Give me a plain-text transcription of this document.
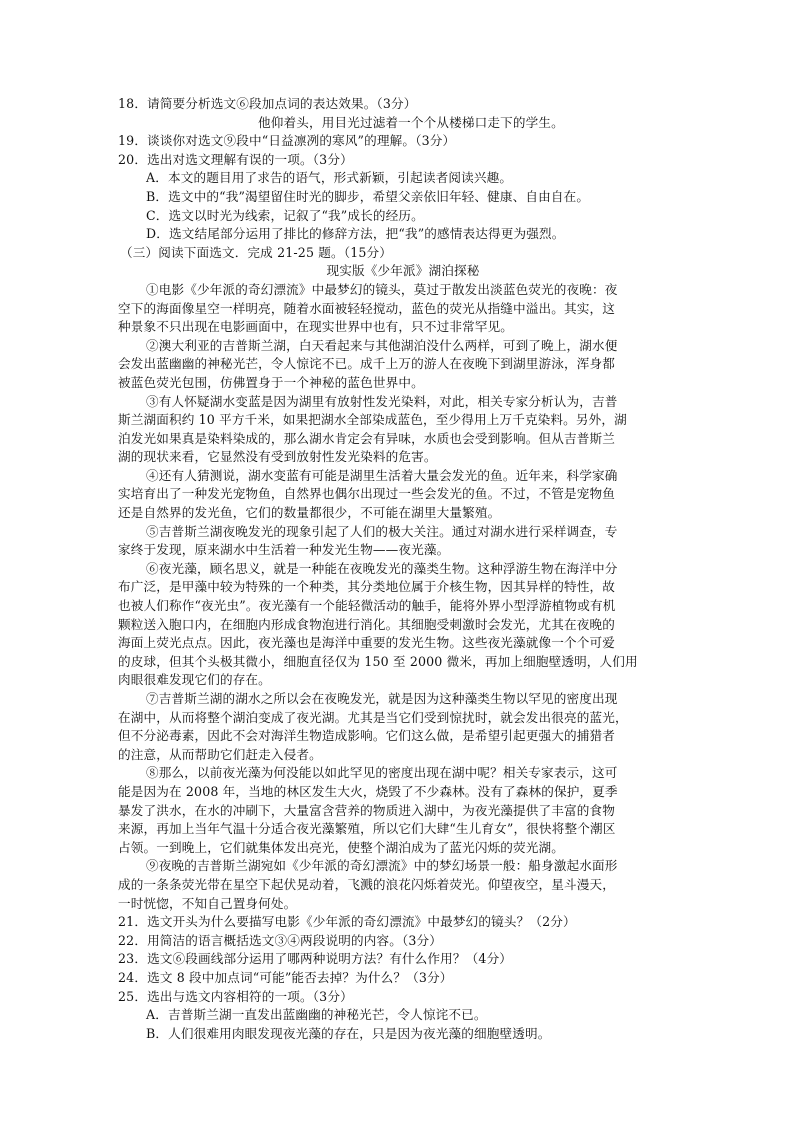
18．请简要分析选文⑥段加点词的表达效果。（3分）
他仰着头，用目光过滤着一个个从楼梯口走下的学生。
19．谈谈你对选文⑨段中“日益凛冽的寒风”的理解。（3分）
20．选出对选文理解有误的一项。（3分）
A．本文的题目用了求告的语气，形式新颖，引起读者阅读兴趣。
B．选文中的“我”渴望留住时光的脚步，希望父亲依旧年轻、健康、自由自在。
C．选文以时光为线索，记叙了“我”成长的经历。
D．选文结尾部分运用了排比的修辞方法，把“我”的感情表达得更为强烈。
（三）阅读下面选文．完成 21-25 题。（15分）
现实版《少年派》湖泊探秘
①电影《少年派的奇幻漂流》中最梦幻的镜头，莫过于散发出淡蓝色荧光的夜晚：夜
空下的海面像星空一样明亮，随着水面被轻轻搅动，蓝色的荧光从指缝中溢出。其实，这
种景象不只出现在电影画面中，在现实世界中也有，只不过非常罕见。
②澳大利亚的吉普斯兰湖，白天看起来与其他湖泊没什么两样，可到了晚上，湖水便
会发出蓝幽幽的神秘光芒，令人惊诧不已。成千上万的游人在夜晚下到湖里游泳，浑身都
被蓝色荧光包围，仿佛置身于一个神秘的蓝色世界中。
③有人怀疑湖水变蓝是因为湖里有放射性发光染料，对此，相关专家分析认为，吉普
斯兰湖面积约 10 平方千米，如果把湖水全部染成蓝色，至少得用上万千克染料。另外，湖
泊发光如果真是染料染成的，那么湖水肯定会有异味，水质也会受到影响。但从吉普斯兰
湖的现状来看，它显然没有受到放射性发光染料的危害。
④还有人猜测说，湖水变蓝有可能是湖里生活着大量会发光的鱼。近年来，科学家确
实培育出了一种发光宠物鱼，自然界也偶尔出现过一些会发光的鱼。不过，不管是宠物鱼
还是自然界的发光鱼，它们的数量都很少，不可能在湖里大量繁殖。
⑤吉普斯兰湖夜晚发光的现象引起了人们的极大关注。通过对湖水进行采样调查，专
家终于发现，原来湖水中生活着一种发光生物——夜光藻。
⑥夜光藻，顾名思义，就是一种能在夜晚发光的藻类生物。这种浮游生物在海洋中分
布广泛，是甲藻中较为特殊的一个种类，其分类地位属于介核生物，因其异样的特性，故
也被人们称作“夜光虫”。夜光藻有一个能轻微活动的触手，能将外界小型浮游植物或有机
颗粒送入胞口内，在细胞内形成食物泡进行消化。其细胞受刺激时会发光，尤其在夜晚的
海面上荧光点点。因此，夜光藻也是海洋中重要的发光生物。这些夜光藻就像一个个可爱
的皮球，但其个头极其微小，细胞直径仅为 150 至 2000 微米，再加上细胞壁透明，人们用
肉眼很难发现它们的存在。
⑦吉普斯兰湖的湖水之所以会在夜晚发光，就是因为这种藻类生物以罕见的密度出现
在湖中，从而将整个湖泊变成了夜光湖。尤其是当它们受到惊扰时，就会发出很亮的蓝光，
但不分泌毒素，因此不会对海洋生物造成影响。它们这么做，是希望引起更强大的捕猎者
的注意，从而帮助它们赶走入侵者。
⑧那么，以前夜光藻为何没能以如此罕见的密度出现在湖中呢？相关专家表示，这可
能是因为在 2008 年，当地的林区发生大火，烧毁了不少森林。没有了森林的保护，夏季
暴发了洪水，在水的冲刷下，大量富含营养的物质进入湖中，为夜光藻提供了丰富的食物
来源，再加上当年气温十分适合夜光藻繁殖，所以它们大肆“生儿育女”，很快将整个潮区
占领。一到晚上，它们就集体发出亮光，使整个湖泊成为了蓝光闪烁的荧光湖。
⑨夜晚的吉普斯兰湖宛如《少年派的奇幻漂流》中的梦幻场景一般：船身激起水面形
成的一条条荧光带在星空下起伏晃动着，飞溅的浪花闪烁着荧光。仰望夜空，星斗漫天，
一时恍惚，不知自己置身何处。
21．选文开头为什么要描写电影《少年派的奇幻漂流》中最梦幻的镜头？（2分）
22．用简洁的语言概括选文③④两段说明的内容。（3分）
23．选文⑥段画线部分运用了哪两种说明方法？有什么作用？（4分）
24．选文 8 段中加点词“可能”能否去掉？为什么？（3分）
25．选出与选文内容相符的一项。（3分）
A．吉普斯兰湖一直发出蓝幽幽的神秘光芒，令人惊诧不已。
B．人们很难用肉眼发现夜光藻的存在，只是因为夜光藻的细胞壁透明。
